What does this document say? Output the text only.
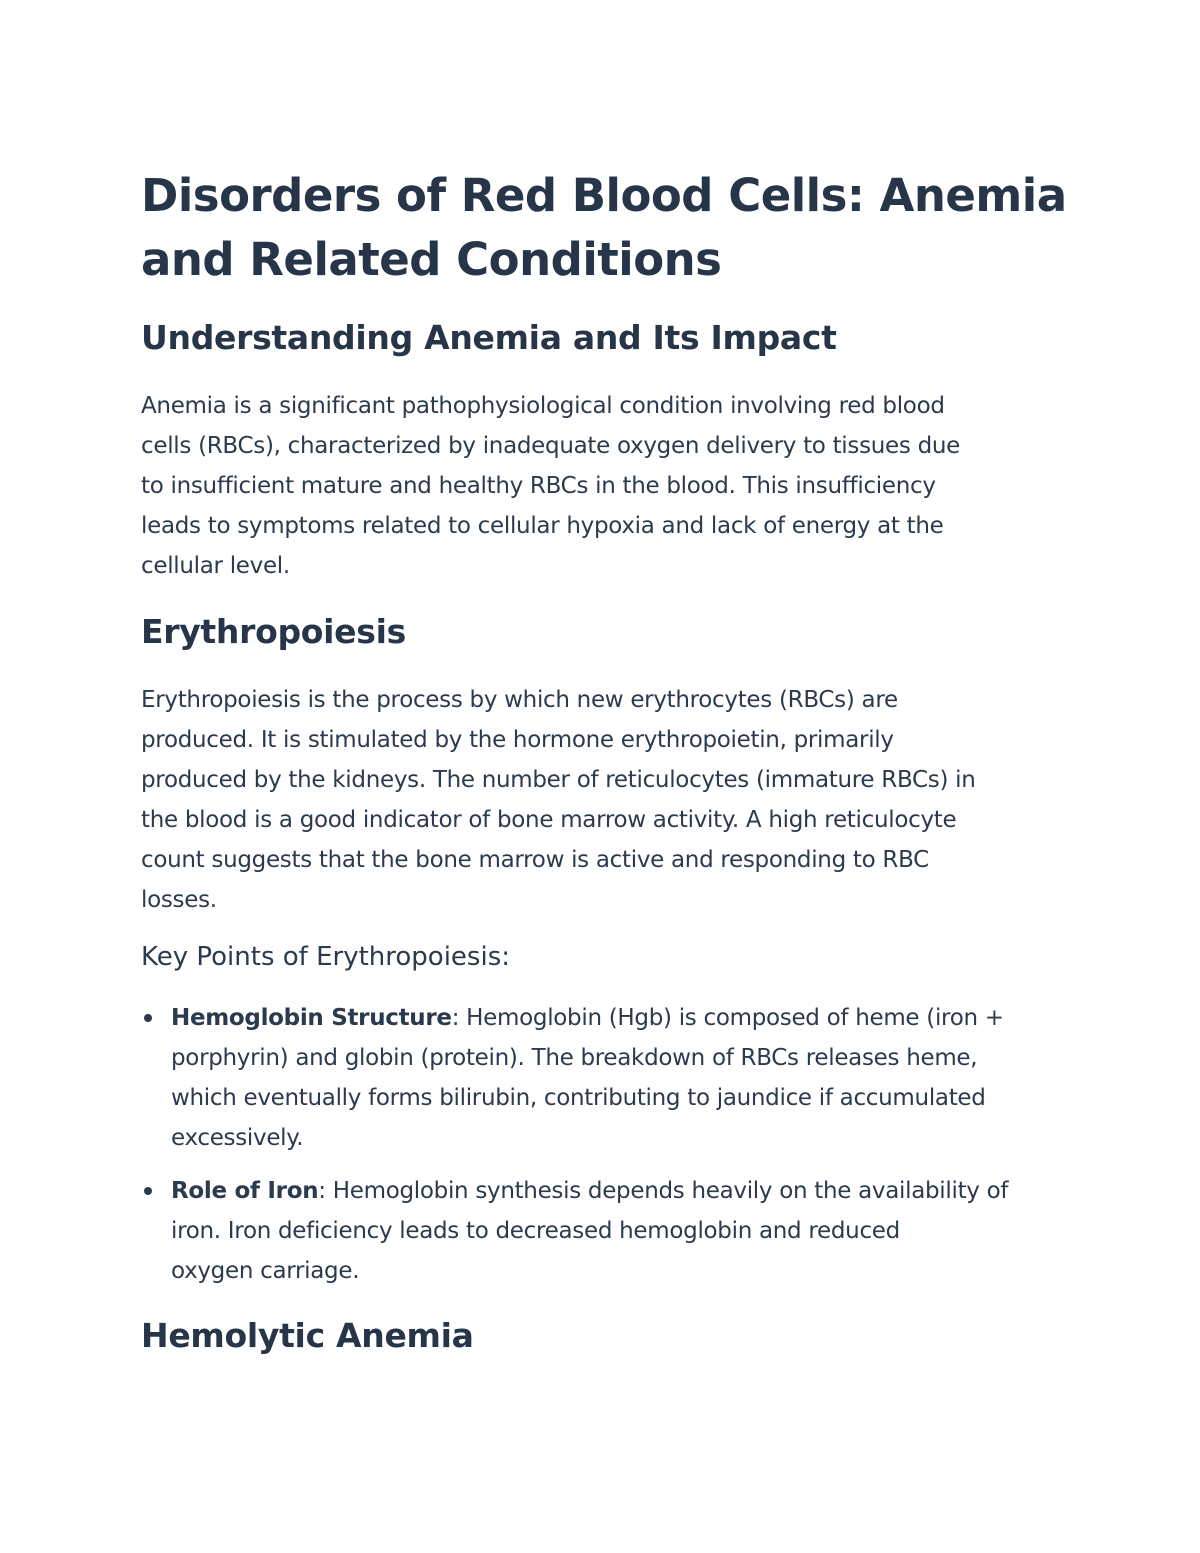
Disorders of Red Blood Cells: Anemia
and Related Conditions
Understanding Anemia and Its Impact

Anemia is a significant pathophysiological condition involving red blood
cells (RBCs), characterized by inadequate oxygen delivery to tissues due
to insufficient mature and healthy RBCs in the blood. This insufficiency
leads to symptoms related to cellular hypoxia and lack of energy at the
cellular level.

Erythropoiesis

Erythropoiesis is the process by which new erythrocytes (RBCs) are
produced. It is stimulated by the hormone erythropoietin, primarily
produced by the kidneys. The number of reticulocytes (immature RBCs) in
the blood is a good indicator of bone marrow activity. A high reticulocyte
count suggests that the bone marrow is active and responding to RBC
losses.

Key Points of Erythropoiesis:
Hemoglobin Structure: Hemoglobin (Hgb) is composed of heme (iron +
porphyrin) and globin (protein). The breakdown of RBCs releases heme,
which eventually forms bilirubin, contributing to jaundice if accumulated
excessively.
Role of Iron: Hemoglobin synthesis depends heavily on the availability of
iron. Iron deficiency leads to decreased hemoglobin and reduced
oxygen carriage.
Hemolytic Anemia
